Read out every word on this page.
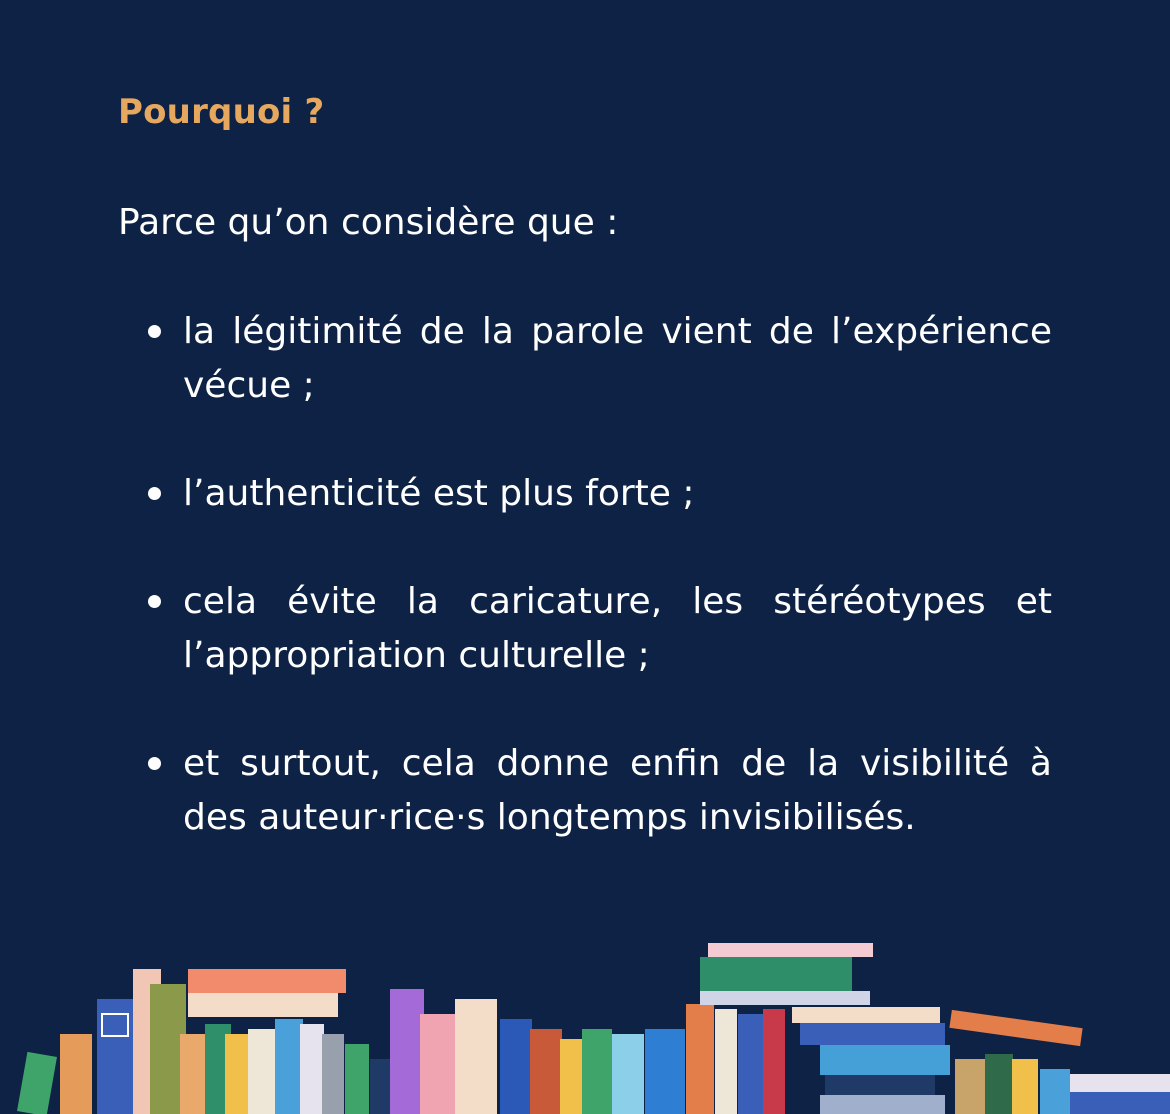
Pourquoi ?

Parce qu’on considère que :

la légitimité de la parole vient de l’expérience vécue ;
l’authenticité est plus forte ;
cela évite la caricature, les stéréotypes et l’appropriation culturelle ;
et surtout, cela donne enfin de la visibilité à des auteur·rice·s longtemps invisibilisés.
